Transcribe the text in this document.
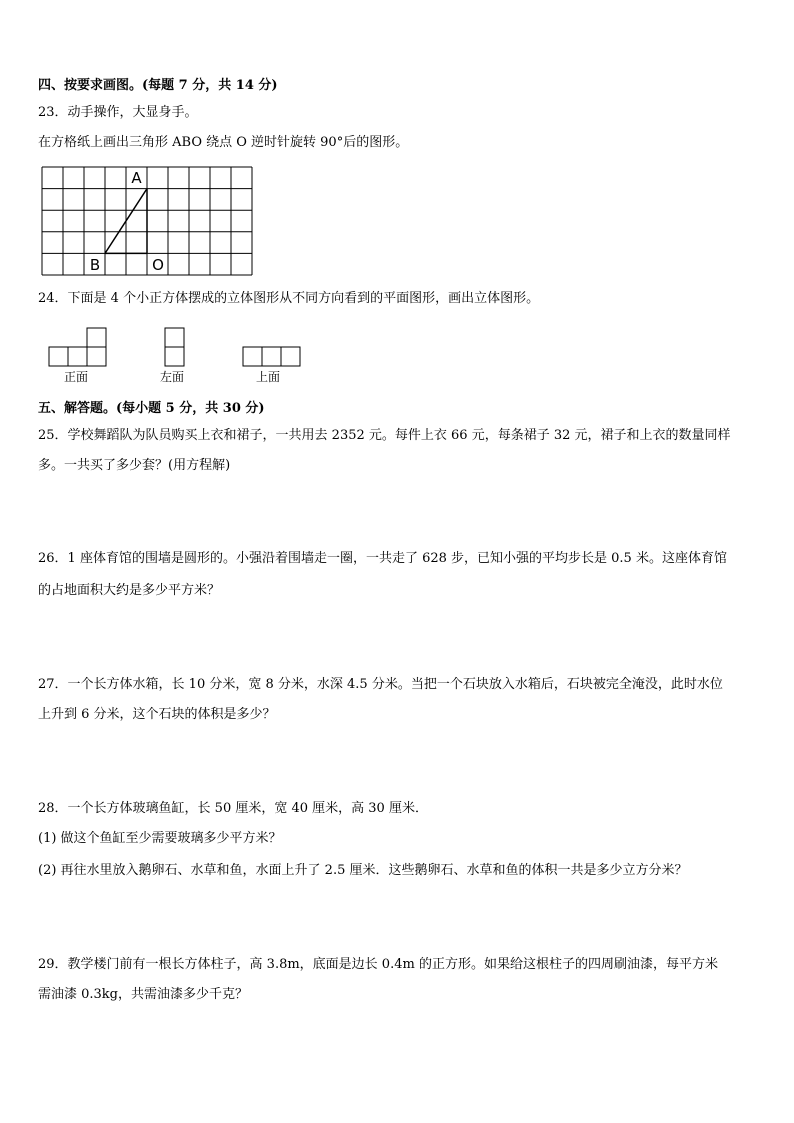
四、按要求画图。(每题 7 分，共 14 分)
23．动手操作，大显身手。
在方格纸上画出三角形 ABO 绕点 O 逆时针旋转 90°后的图形。
A
B	O
24．下面是 4 个小正方体摆成的立体图形从不同方向看到的平面图形，画出立体图形。
正面	左面	上面
五、解答题。(每小题 5 分，共 30 分)
25．学校舞蹈队为队员购买上衣和裙子，一共用去 2352 元。每件上衣 66 元，每条裙子 32 元，裙子和上衣的数量同样
多。一共买了多少套？(用方程解)
26．1 座体育馆的围墙是圆形的。小强沿着围墙走一圈，一共走了 628 步，已知小强的平均步长是 0.5 米。这座体育馆
的占地面积大约是多少平方米？
27．一个长方体水箱，长 10 分米，宽 8 分米，水深 4.5 分米。当把一个石块放入水箱后，石块被完全淹没，此时水位
上升到 6 分米，这个石块的体积是多少？
28．一个长方体玻璃鱼缸，长 50 厘米，宽 40 厘米，高 30 厘米．
(1) 做这个鱼缸至少需要玻璃多少平方米？
(2) 再往水里放入鹅卵石、水草和鱼，水面上升了 2.5 厘米．这些鹅卵石、水草和鱼的体积一共是多少立方分米？
29．教学楼门前有一根长方体柱子，高 3.8m，底面是边长 0.4m 的正方形。如果给这根柱子的四周刷油漆，每平方米
需油漆 0.3kg，共需油漆多少千克？
